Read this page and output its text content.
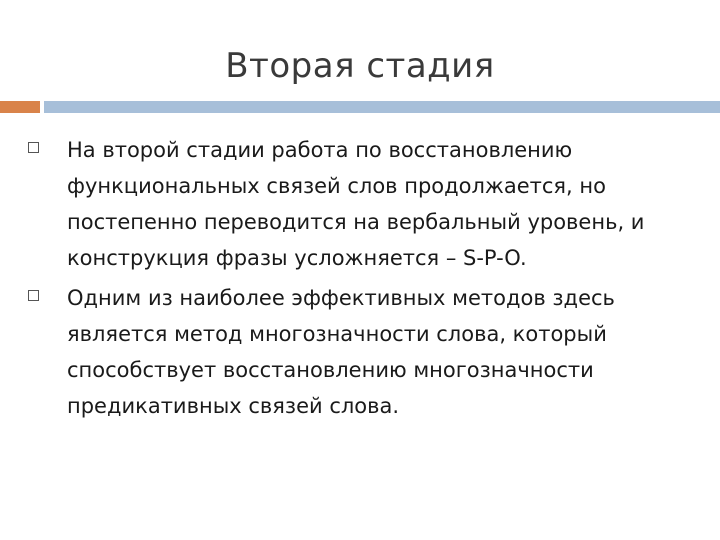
Вторая стадия
На второй стадии работа по восстановлению функциональных связей слов продолжается, но постепенно переводится на вербальный уровень, и конструкция фразы усложняется – S-P-O.
Одним из наиболее эффективных методов здесь является метод многозначности слова, который способствует восстановлению многозначности предикативных связей слова.
